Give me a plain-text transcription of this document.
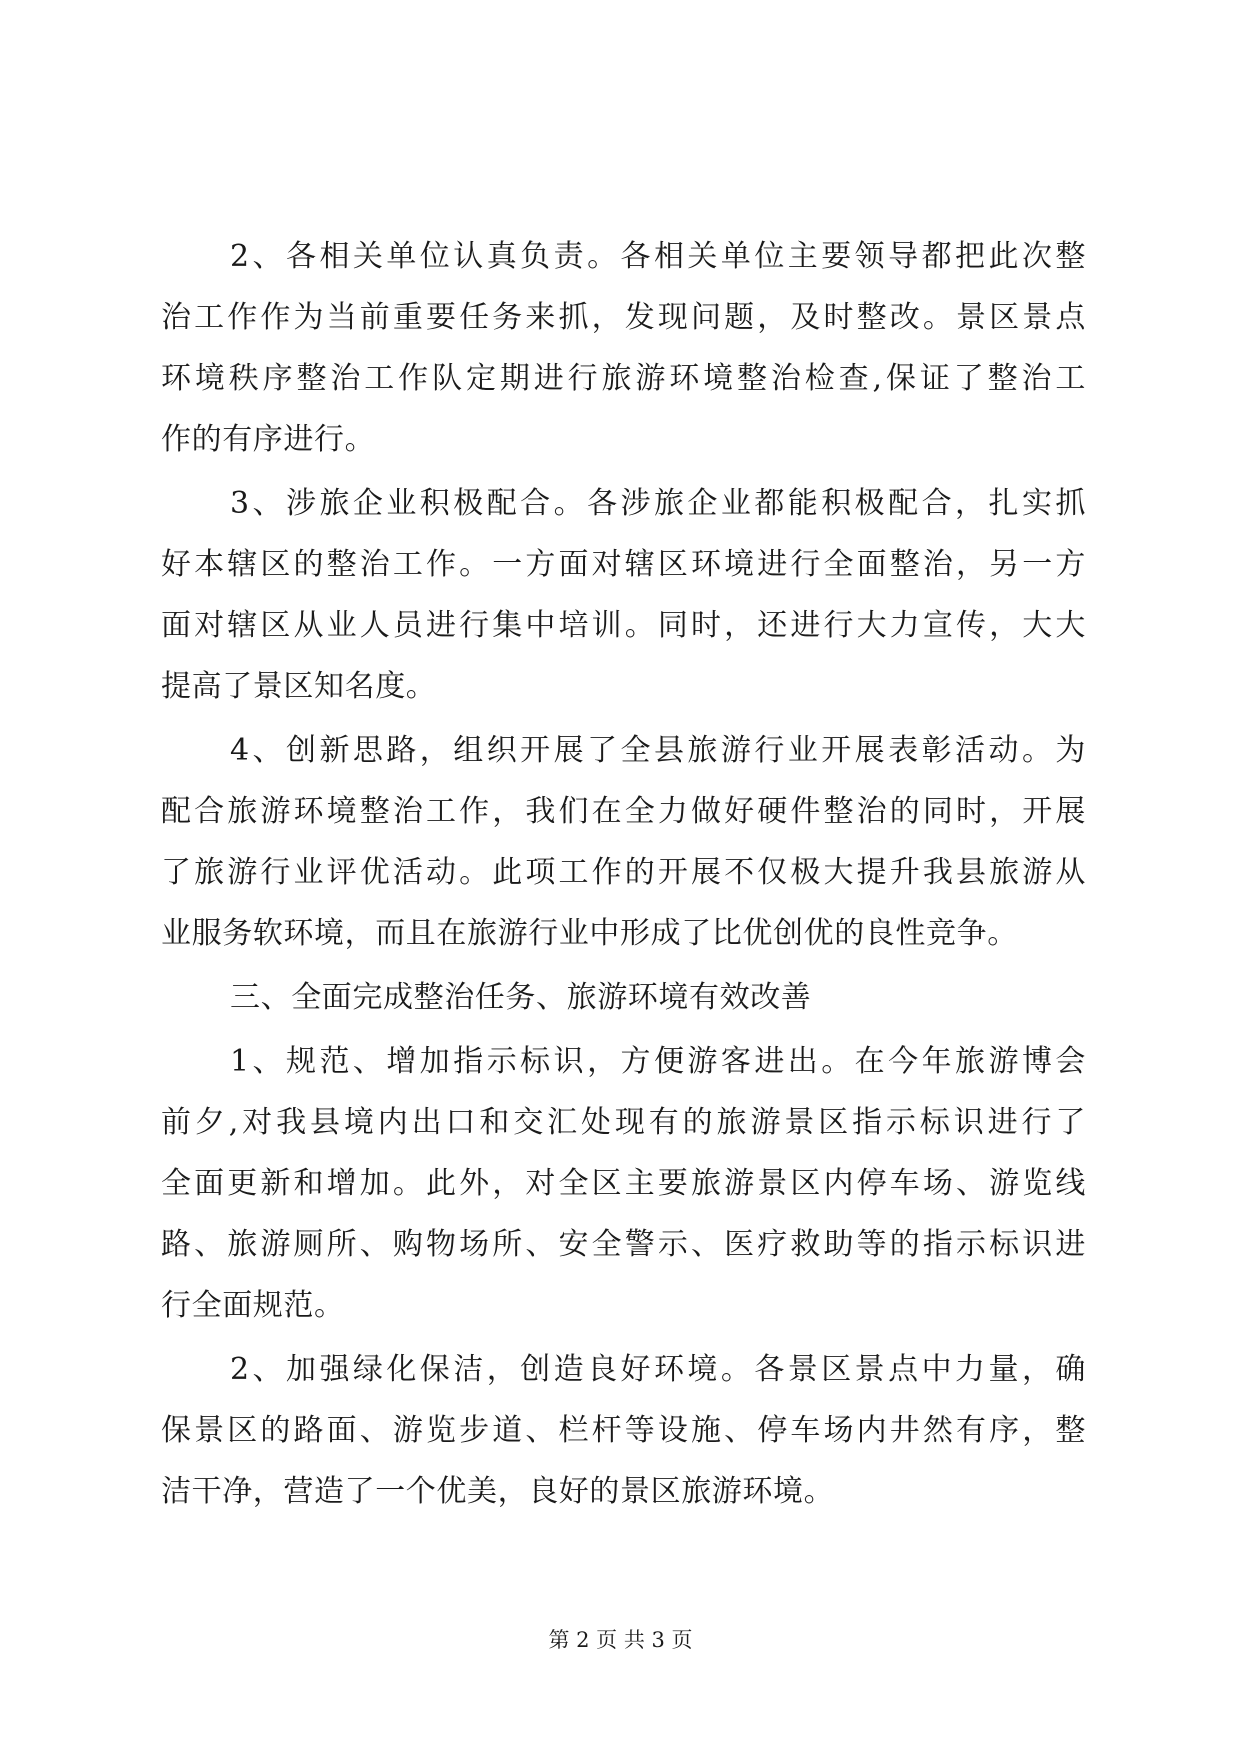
2、各相关单位认真负责。各相关单位主要领导都把此次整
治工作作为当前重要任务来抓，发现问题，及时整改。景区景点
环境秩序整治工作队定期进行旅游环境整治检查,保证了整治工
作的有序进行。
3、涉旅企业积极配合。各涉旅企业都能积极配合，扎实抓
好本辖区的整治工作。一方面对辖区环境进行全面整治，另一方
面对辖区从业人员进行集中培训。同时，还进行大力宣传，大大
提高了景区知名度。
4、创新思路，组织开展了全县旅游行业开展表彰活动。为
配合旅游环境整治工作，我们在全力做好硬件整治的同时，开展
了旅游行业评优活动。此项工作的开展不仅极大提升我县旅游从
业服务软环境，而且在旅游行业中形成了比优创优的良性竞争。
三、全面完成整治任务、旅游环境有效改善
1、规范、增加指示标识，方便游客进出。在今年旅游博会
前夕,对我县境内出口和交汇处现有的旅游景区指示标识进行了
全面更新和增加。此外，对全区主要旅游景区内停车场、游览线
路、旅游厕所、购物场所、安全警示、医疗救助等的指示标识进
行全面规范。
2、加强绿化保洁，创造良好环境。各景区景点中力量，确
保景区的路面、游览步道、栏杆等设施、停车场内井然有序，整
洁干净，营造了一个优美，良好的景区旅游环境。
第 2 页 共 3 页
